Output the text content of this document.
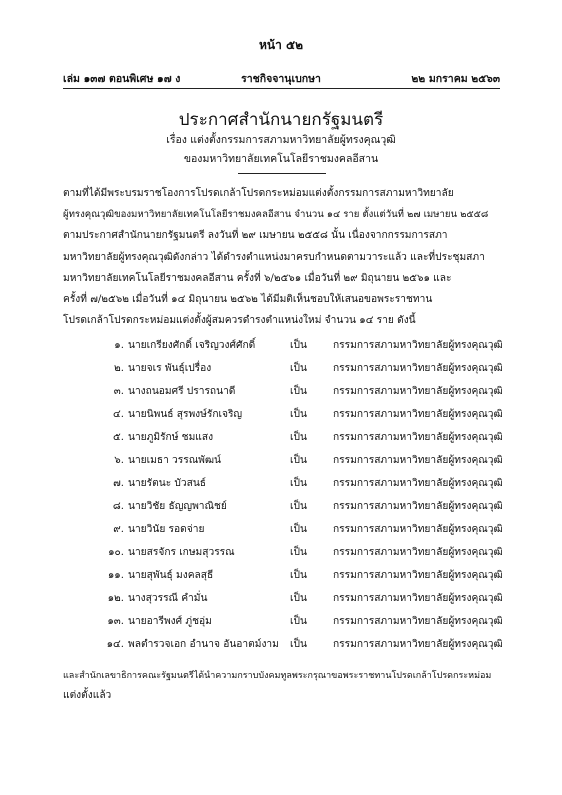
หน้า ๕๒
เล่ม ๑๓๗ ตอนพิเศษ ๑๗ ง	ราชกิจจานุเบกษา	๒๒ มกราคม ๒๕๖๓
ประกาศสำนักนายกรัฐมนตรี
เรื่อง แต่งตั้งกรรมการสภามหาวิทยาลัยผู้ทรงคุณวุฒิ
ของมหาวิทยาลัยเทคโนโลยีราชมงคลอีสาน
ตามที่ได้มีพระบรมราชโองการโปรดเกล้าโปรดกระหม่อมแต่งตั้งกรรมการสภามหาวิทยาลัย
ผู้ทรงคุณวุฒิของมหาวิทยาลัยเทคโนโลยีราชมงคลอีสาน จำนวน ๑๔ ราย ตั้งแต่วันที่ ๒๗ เมษายน ๒๕๕๘
ตามประกาศสำนักนายกรัฐมนตรี ลงวันที่ ๒๙ เมษายน ๒๕๕๘ นั้น เนื่องจากกรรมการสภา
มหาวิทยาลัยผู้ทรงคุณวุฒิดังกล่าว ได้ดำรงตำแหน่งมาครบกำหนดตามวาระแล้ว และที่ประชุมสภา
มหาวิทยาลัยเทคโนโลยีราชมงคลอีสาน ครั้งที่ ๖/๒๕๖๑ เมื่อวันที่ ๒๙ มิถุนายน ๒๕๖๑ และ
ครั้งที่ ๗/๒๕๖๒ เมื่อวันที่ ๑๔ มิถุนายน ๒๕๖๒ ได้มีมติเห็นชอบให้เสนอขอพระราชทาน
โปรดเกล้าโปรดกระหม่อมแต่งตั้งผู้สมควรดำรงตำแหน่งใหม่ จำนวน ๑๔ ราย ดังนี้
๑. นายเกรียงศักดิ์ เจริญวงศ์ศักดิ์	เป็น	กรรมการสภามหาวิทยาลัยผู้ทรงคุณวุฒิ
๒. นายจเร พันธุ์เปรื่อง	เป็น	กรรมการสภามหาวิทยาลัยผู้ทรงคุณวุฒิ
๓. นางถนอมศรี ปรารถนาดี	เป็น	กรรมการสภามหาวิทยาลัยผู้ทรงคุณวุฒิ
๔. นายนิพนธ์ สุรพงษ์รักเจริญ	เป็น	กรรมการสภามหาวิทยาลัยผู้ทรงคุณวุฒิ
๕. นายภูมิรักษ์ ชมแสง	เป็น	กรรมการสภามหาวิทยาลัยผู้ทรงคุณวุฒิ
๖. นายเมธา วรรณพัฒน์	เป็น	กรรมการสภามหาวิทยาลัยผู้ทรงคุณวุฒิ
๗. นายรัตนะ บัวสนธ์	เป็น	กรรมการสภามหาวิทยาลัยผู้ทรงคุณวุฒิ
๘. นายวิชัย ธัญญพาณิชย์	เป็น	กรรมการสภามหาวิทยาลัยผู้ทรงคุณวุฒิ
๙. นายวินัย รอดจ่าย	เป็น	กรรมการสภามหาวิทยาลัยผู้ทรงคุณวุฒิ
๑๐. นายสรจักร เกษมสุวรรณ	เป็น	กรรมการสภามหาวิทยาลัยผู้ทรงคุณวุฒิ
๑๑. นายสุพันธุ์ มงคลสุธี	เป็น	กรรมการสภามหาวิทยาลัยผู้ทรงคุณวุฒิ
๑๒. นางสุวรรณี คำมั่น	เป็น	กรรมการสภามหาวิทยาลัยผู้ทรงคุณวุฒิ
๑๓. นายอารีพงศ์ ภู่ชอุ่ม	เป็น	กรรมการสภามหาวิทยาลัยผู้ทรงคุณวุฒิ
๑๔. พลตำรวจเอก อำนาจ อันอาตม์งาม เป็น	กรรมการสภามหาวิทยาลัยผู้ทรงคุณวุฒิ
และสำนักเลขาธิการคณะรัฐมนตรีได้นำความกราบบังคมทูลพระกรุณาขอพระราชทานโปรดเกล้าโปรดกระหม่อม
แต่งตั้งแล้ว
